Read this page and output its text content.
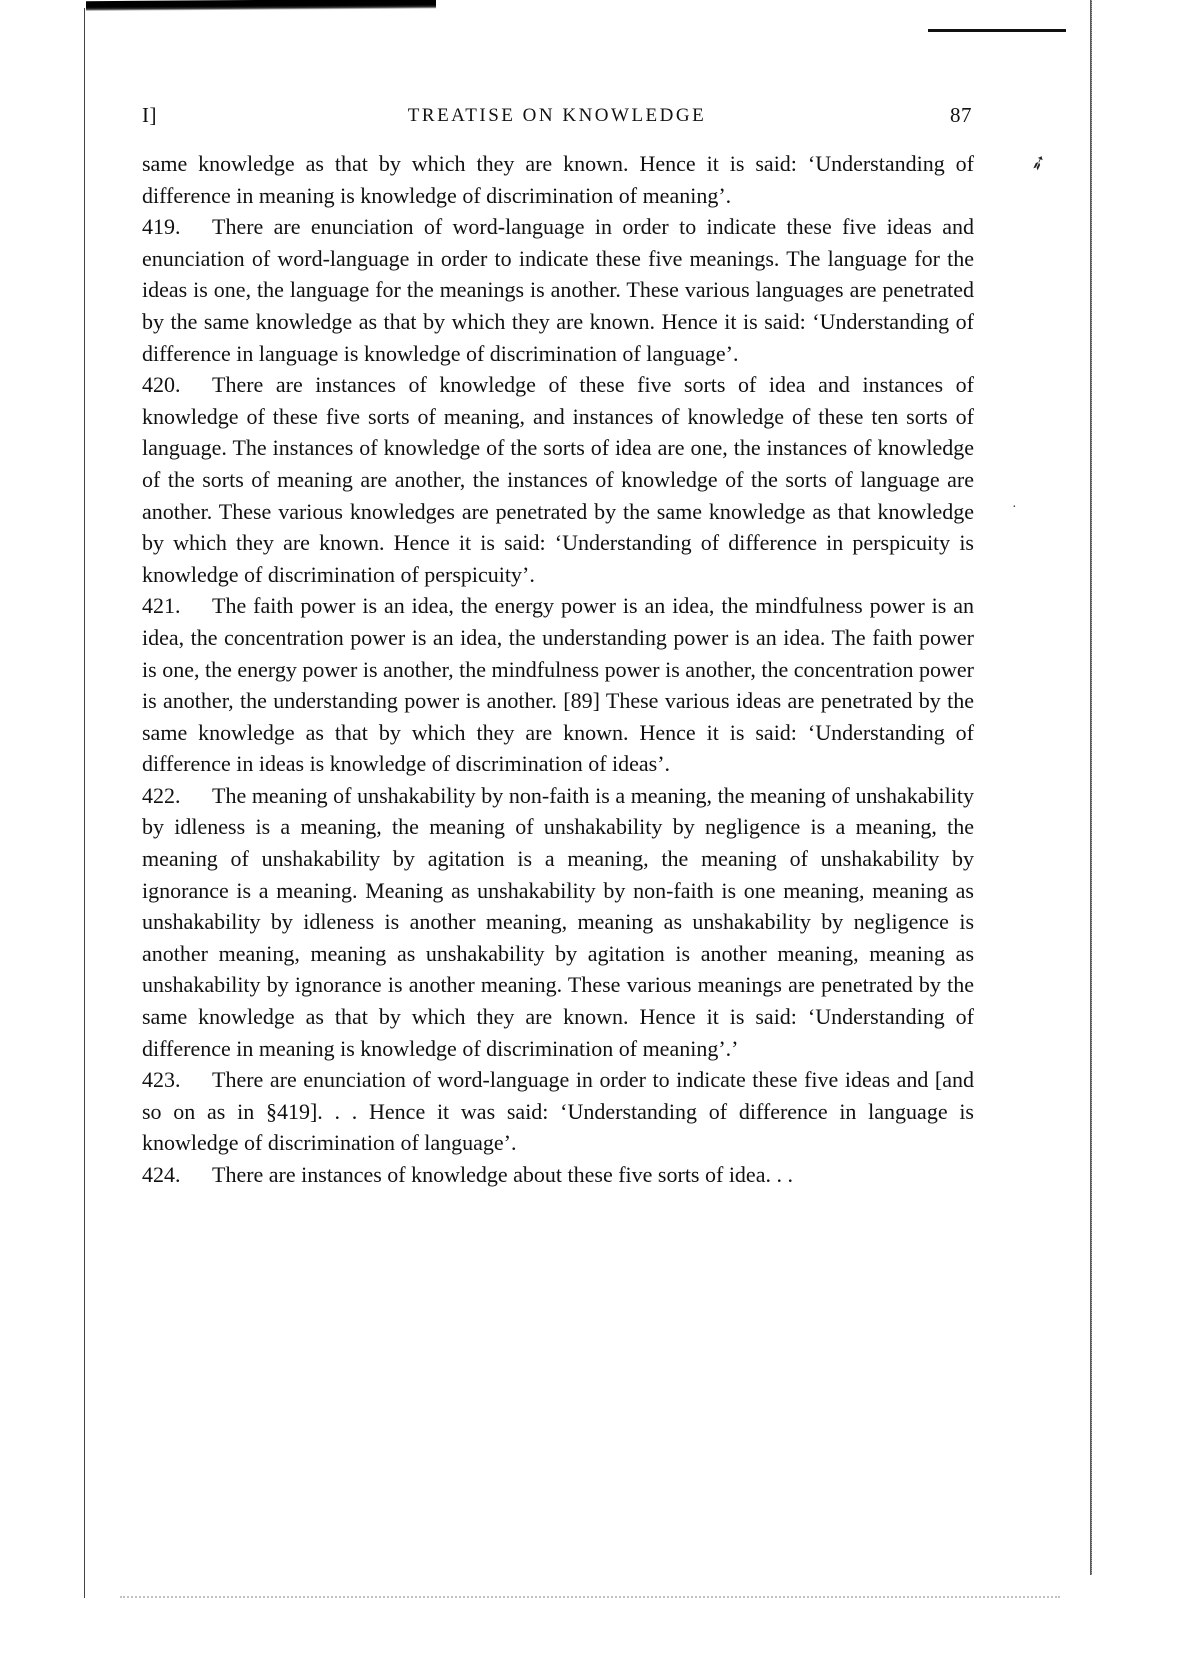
➶
·
I]	TREATISE ON KNOWLEDGE	87

same knowledge as that by which they are known. Hence it is said: ‘Understanding of difference in meaning is knowledge of discrimination of meaning’.

419. There are enunciation of word-language in order to indicate these five ideas and enunciation of word-language in order to indicate these five meanings. The language for the ideas is one, the language for the meanings is another. These various languages are penetrated by the same knowledge as that by which they are known. Hence it is said: ‘Understanding of difference in language is knowledge of discrimination of language’.

420. There are instances of knowledge of these five sorts of idea and instances of knowledge of these five sorts of meaning, and instances of knowledge of these ten sorts of language. The instances of knowledge of the sorts of idea are one, the instances of knowledge of the sorts of meaning are another, the instances of knowledge of the sorts of language are another. These various knowledges are penetrated by the same knowledge as that knowledge by which they are known. Hence it is said: ‘Understanding of difference in perspicuity is knowledge of discrimination of perspicuity’.

421. The faith power is an idea, the energy power is an idea, the mindfulness power is an idea, the concentration power is an idea, the understanding power is an idea. The faith power is one, the energy power is another, the mindfulness power is another, the concentration power is another, the understanding power is another. [89] These various ideas are penetrated by the same knowledge as that by which they are known. Hence it is said: ‘Understanding of difference in ideas is knowledge of discrimination of ideas’.

422. The meaning of unshakability by non-faith is a meaning, the meaning of unshakability by idleness is a meaning, the meaning of unshakability by negligence is a meaning, the meaning of unshakability by agitation is a meaning, the meaning of unshakability by ignorance is a meaning. Meaning as unshakability by non-faith is one meaning, meaning as unshakability by idleness is another meaning, meaning as unshakability by negligence is another meaning, meaning as unshakability by agitation is another meaning, meaning as unshakability by ignorance is another meaning. These various meanings are penetrated by the same knowledge as that by which they are known. Hence it is said: ‘Understanding of difference in meaning is knowledge of discrimination of meaning’.’

423. There are enunciation of word-language in order to indicate these five ideas and [and so on as in §419]. . . Hence it was said: ‘Understanding of difference in language is knowledge of discrimination of language’.

424. There are instances of knowledge about these five sorts of idea. . .
